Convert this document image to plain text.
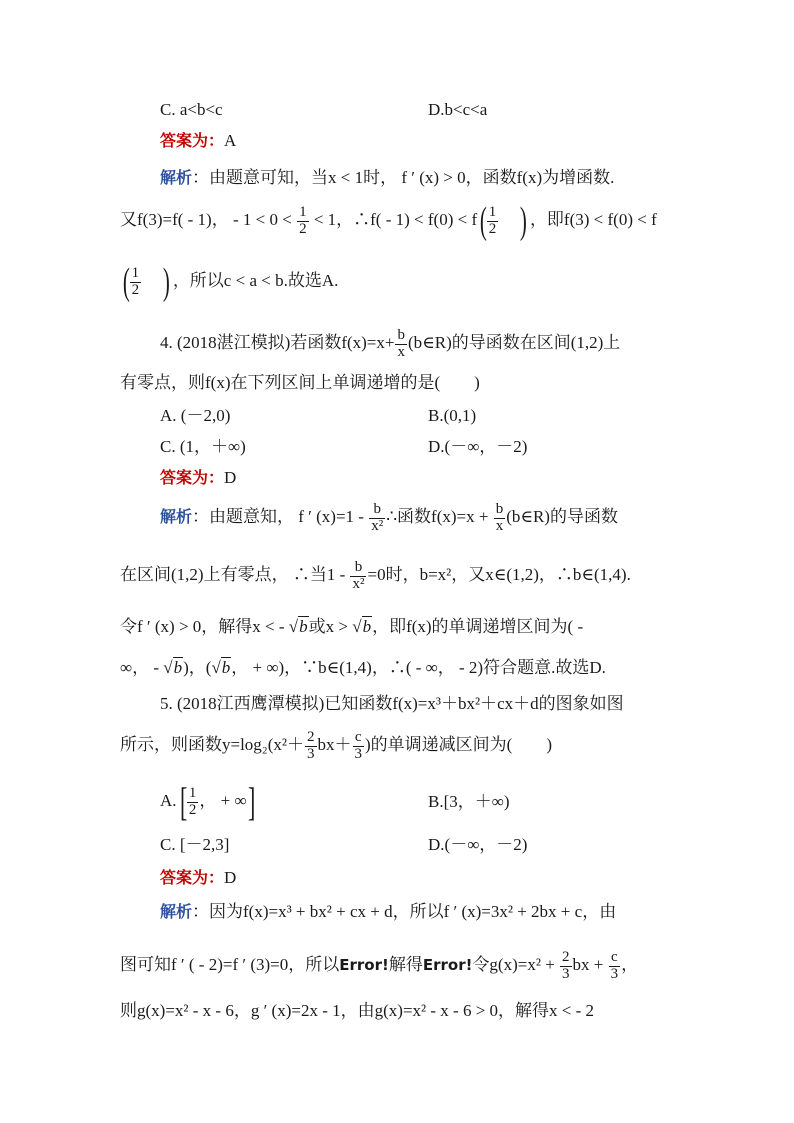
C. a<b<c	D.b<c<a
答案为：A
解析：由题意可知，当x < 1时， f ′ (x) > 0，函数f(x)为增函数.
又f(3)=f( - 1)， - $1 < 0 < \frac{1}{2} < 1$，∴f( - $1) < f(0) < f( \frac{1}{2}$ ) ，即f(3) < f(0) < f
( $\frac{1}{2}$ ) ，所以c < a < b.故选A.
4. (2018湛江模拟)若函数$f(x)=x+ \frac{b}{x}$ (b∈R)的导函数在区间(1,2)上
有零点，则f(x)在下列区间上单调递增的是(　　)
A. (－2,0)	B.(0,1)
C. (1，＋∞)	D.(－∞，－2)
答案为：D
解析：由题意知， f ′ $(x)=1 - \frac{b}{\text{x²}}$ ∴函数$f(x)=x + \frac{b}{x}$ (b∈R)的导函数
在区间(1,2)上有零点， ∴当$1 - \frac{b}{\text{x²}} =0$时，b=x²，又x∈(1,2)，∴b∈(1,4).
令f ′ (x) > 0，解得x < - √b或x > √b，即f(x)的单调递增区间为( -
∞， - √b)，(√b， + ∞)，∵b∈(1,4)，∴( - ∞， - 2)符合题意.故选D.
5. (2018江西鹰潭模拟)已知函数f(x)=x³＋bx²＋cx＋d的图象如图
所示，则函数$y=\log_2(x^2+ \frac{2}{3} bx+ \frac{c}{3}$ )的单调递减区间为(　　)
$A.[ \frac{1}{2}$ ， + ∞]	B.[3，＋∞)
C. [－2,3]	D.(－∞，－2)
答案为：D
解析：因为f(x)=x³ + bx² + cx + d，所以f ′ (x)=3x² + 2bx + c，由
图可知f ′ ( - 2)=f ′ (3)=0，所以Error!解得Error!令$g(x)=x^2 + \frac{2}{3}$ bx + $\frac{c}{3}$ ，
则g(x)=x² - x - 6，g ′ (x)=2x - 1，由g(x)=x² - x - 6 > 0，解得x < - 2
